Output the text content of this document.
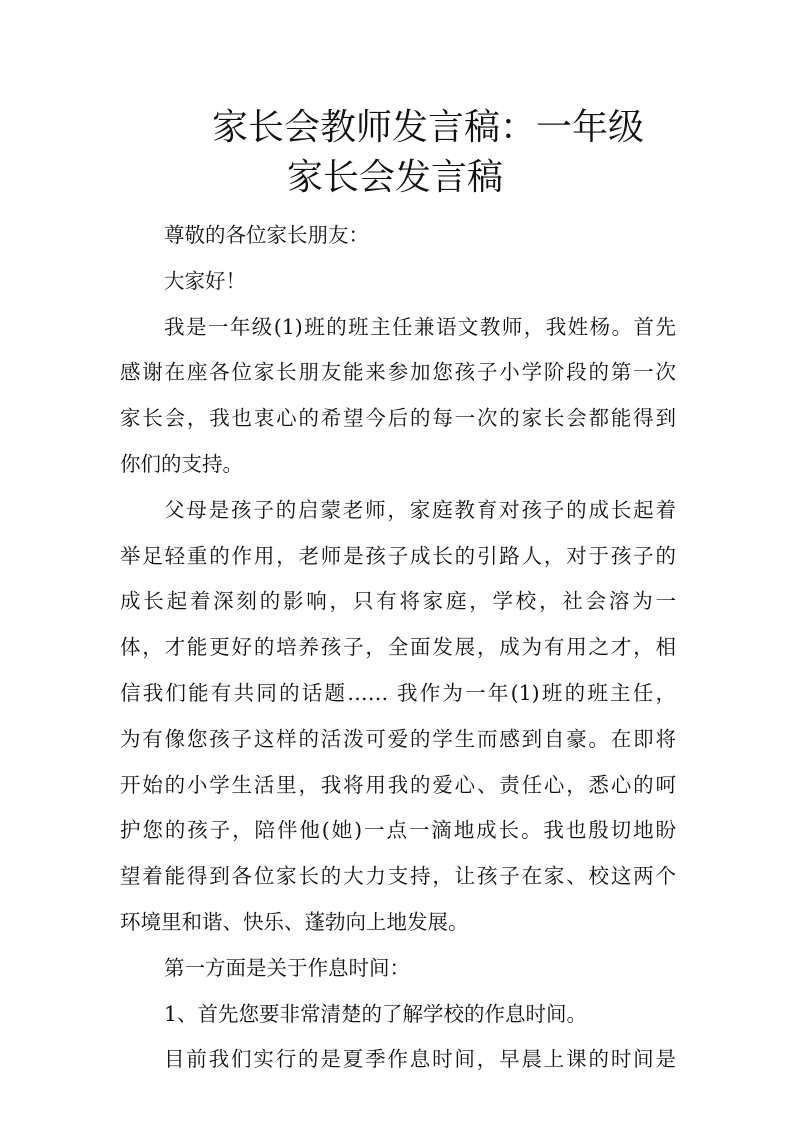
家长会教师发言稿：一年级
家长会发言稿
尊敬的各位家长朋友：
大家好！
我是一年级(1)班的班主任兼语文教师，我姓杨。首先
感谢在座各位家长朋友能来参加您孩子小学阶段的第一次
家长会，我也衷心的希望今后的每一次的家长会都能得到
你们的支持。
父母是孩子的启蒙老师，家庭教育对孩子的成长起着
举足轻重的作用，老师是孩子成长的引路人，对于孩子的
成长起着深刻的影响，只有将家庭，学校，社会溶为一
体，才能更好的培养孩子，全面发展，成为有用之才，相
信我们能有共同的话题…… 我作为一年(1)班的班主任，
为有像您孩子这样的活泼可爱的学生而感到自豪。在即将
开始的小学生活里，我将用我的爱心、责任心，悉心的呵
护您的孩子，陪伴他(她)一点一滴地成长。我也殷切地盼
望着能得到各位家长的大力支持，让孩子在家、校这两个
环境里和谐、快乐、蓬勃向上地发展。
第一方面是关于作息时间：
1、首先您要非常清楚的了解学校的作息时间。
目前我们实行的是夏季作息时间，早晨上课的时间是
